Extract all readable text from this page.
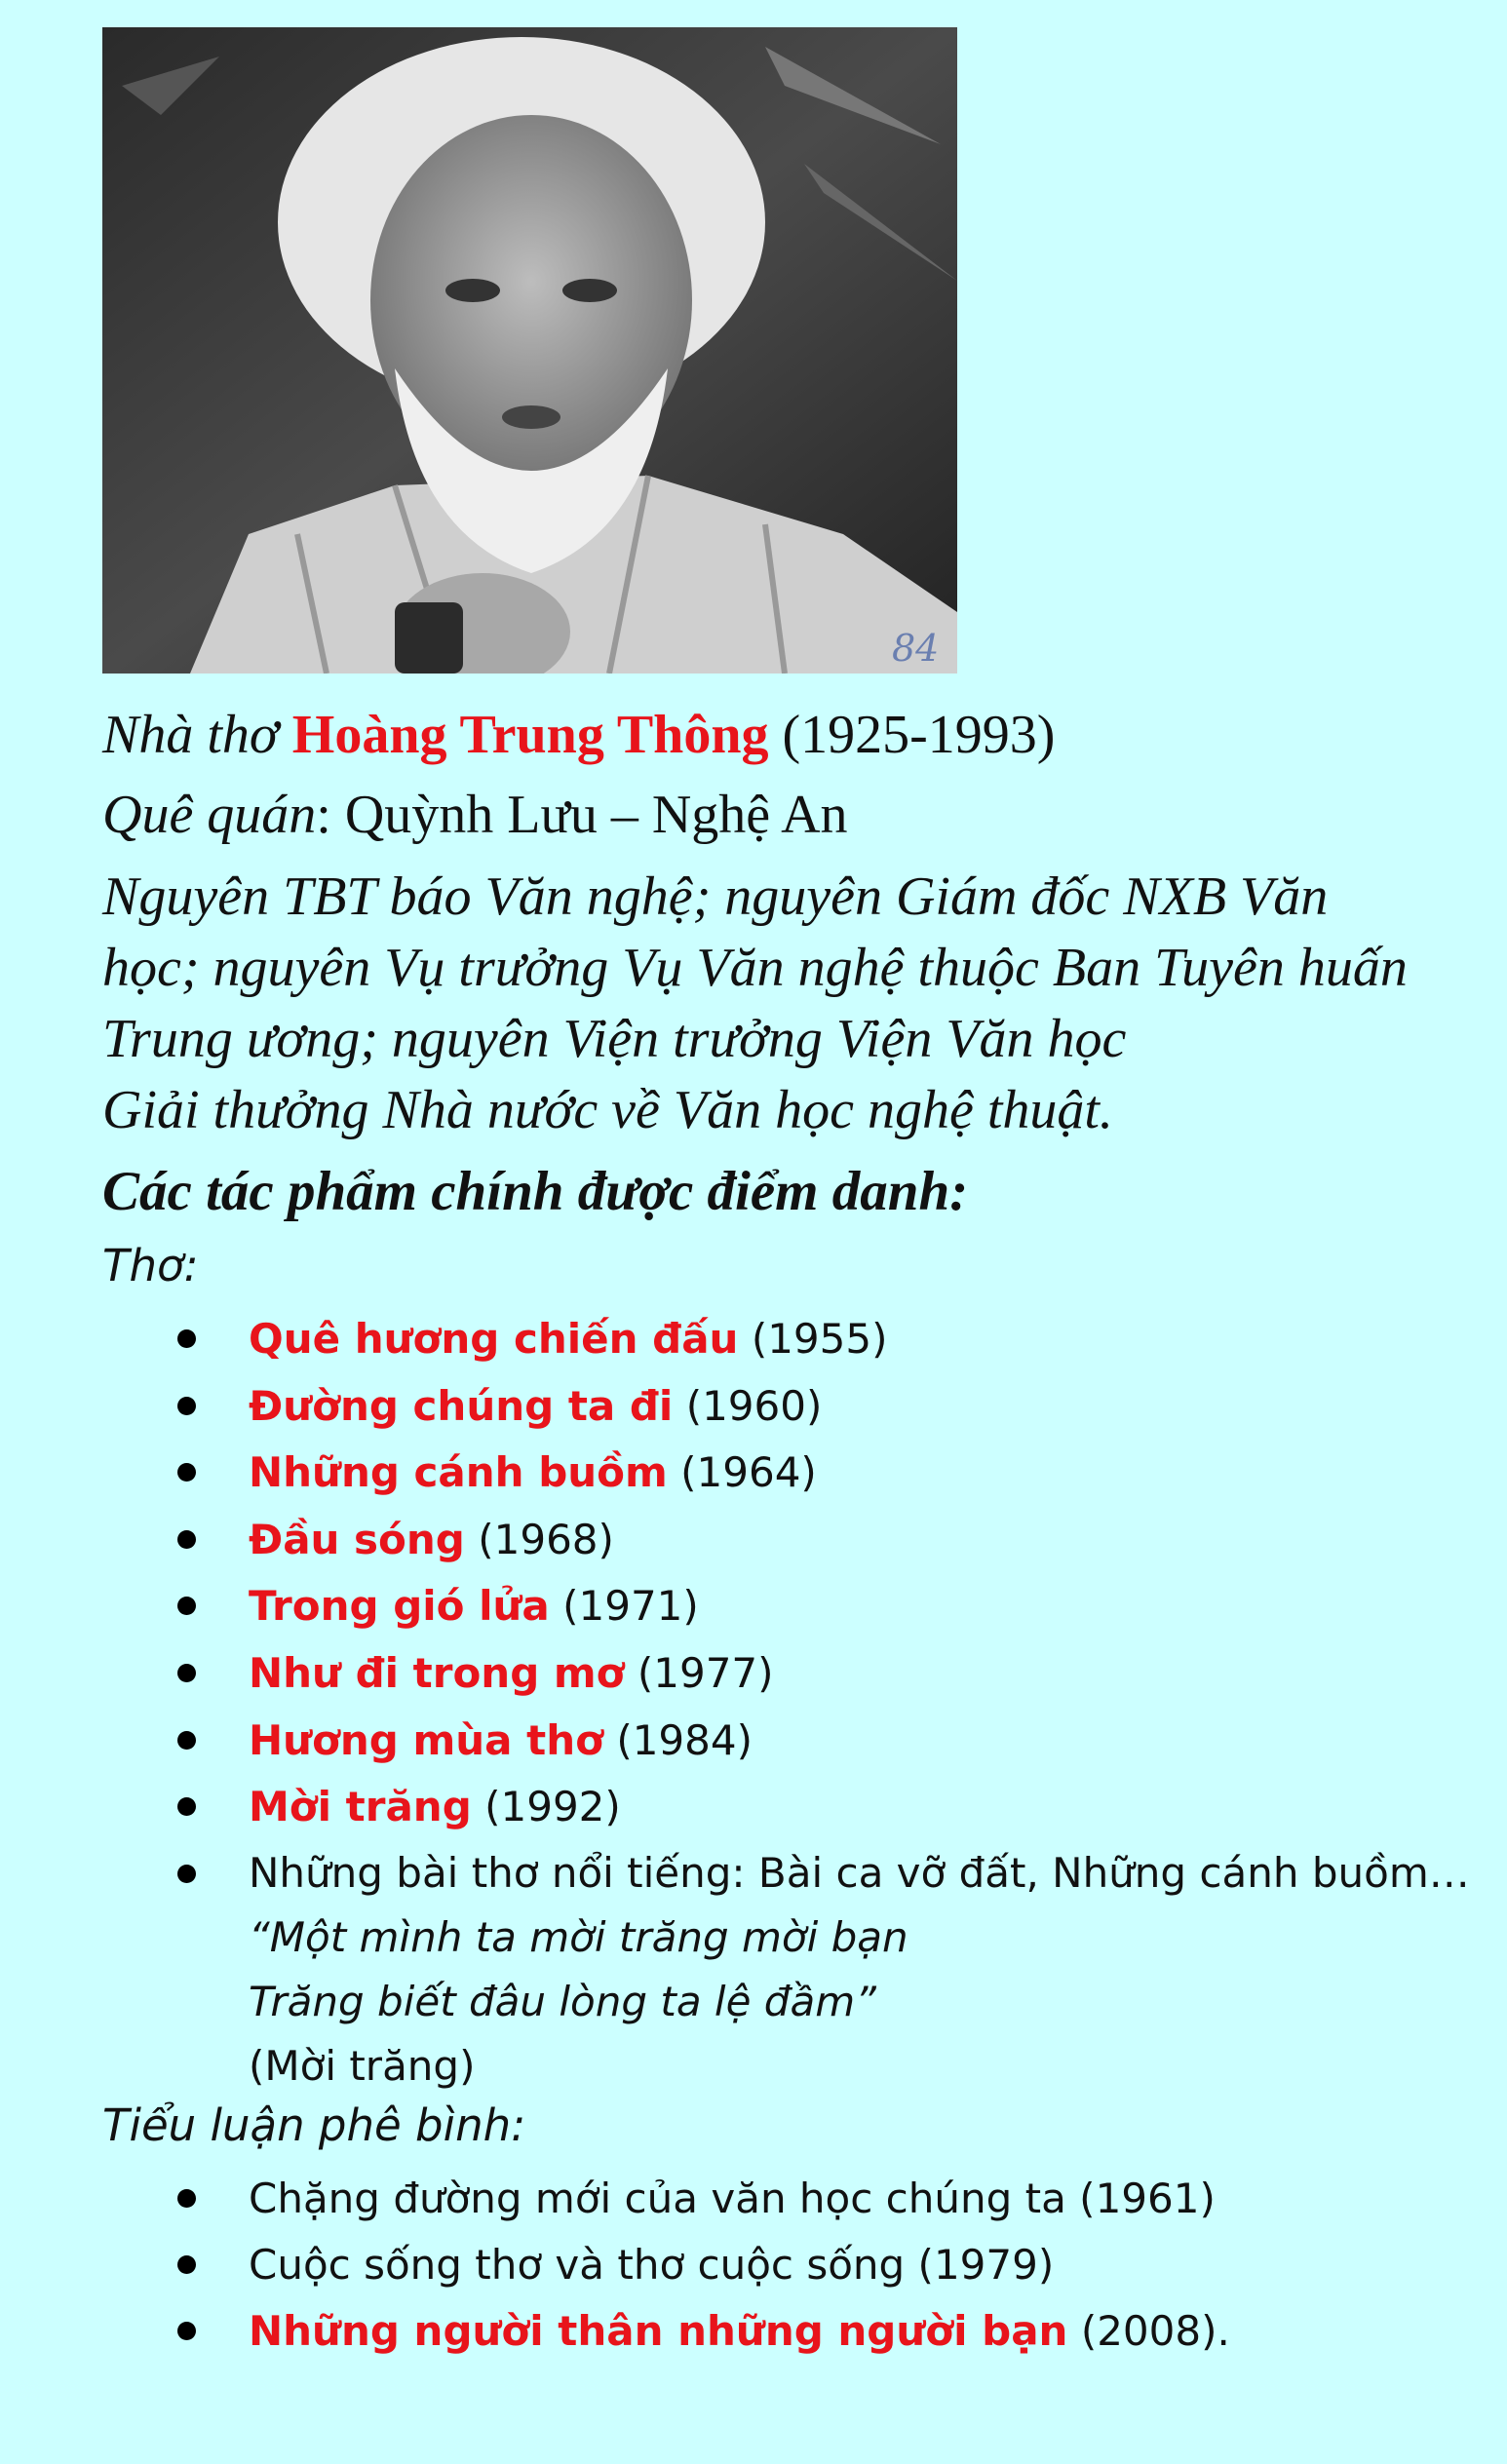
84
Nhà thơ Hoàng Trung Thông (1925-1993)
Quê quán: Quỳnh Lưu – Nghệ An
Nguyên TBT báo Văn nghệ; nguyên Giám đốc NXB Văn học; nguyên Vụ trưởng Vụ Văn nghệ thuộc Ban Tuyên huấn Trung ương; nguyên Viện trưởng Viện Văn học
Giải thưởng Nhà nước về Văn học nghệ thuật.
Các tác phẩm chính được điểm danh:
Thơ:
Quê hương chiến đấu (1955)
Đường chúng ta đi (1960)
Những cánh buồm (1964)
Đầu sóng (1968)
Trong gió lửa (1971)
Như đi trong mơ (1977)
Hương mùa thơ (1984)
Mời trăng (1992)
Những bài thơ nổi tiếng: Bài ca vỡ đất, Những cánh buồm…
“Một mình ta mời trăng mời bạn
Trăng biết đâu lòng ta lệ đầm”
(Mời trăng)
Tiểu luận phê bình:
Chặng đường mới của văn học chúng ta (1961)
Cuộc sống thơ và thơ cuộc sống (1979)
Những người thân những người bạn (2008).
